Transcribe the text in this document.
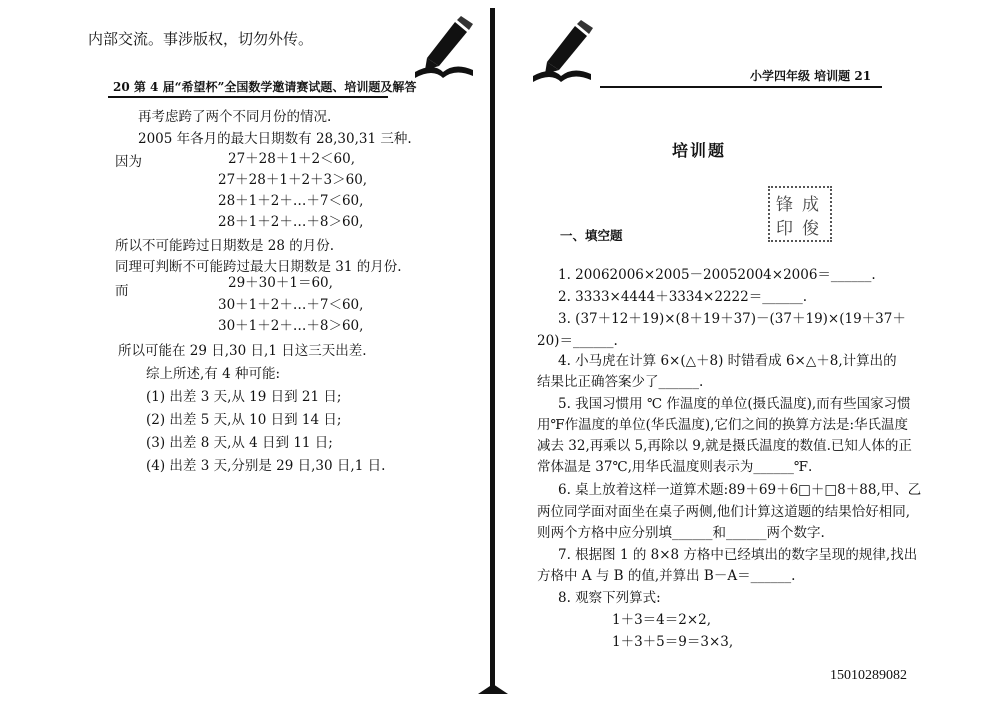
内部交流。事涉版权，切勿外传。
20 第 4 届“希望杯”全国数学邀请赛试题、培训题及解答
再考虑跨了两个不同月份的情况.
2005 年各月的最大日期数有 28,30,31 三种.
因为	27＋28＋1＋2＜60,
27＋28＋1＋2＋3＞60,
28＋1＋2＋…＋7＜60,
28＋1＋2＋…＋8＞60,
所以不可能跨过日期数是 28 的月份.
同理可判断不可能跨过最大日期数是 31 的月份.
而	29＋30＋1＝60,
30＋1＋2＋…＋7＜60,
30＋1＋2＋…＋8＞60,
所以可能在 29 日,30 日,1 日这三天出差.
综上所述,有 4 种可能:
(1) 出差 3 天,从 19 日到 21 日;
(2) 出差 5 天,从 10 日到 14 日;
(3) 出差 8 天,从 4 日到 11 日;
(4) 出差 3 天,分别是 29 日,30 日,1 日.
小学四年级 培训题 21
培训题
锋 成
印 俊
一、填空题
1. 20062006×2005－20052004×2006＝______.
2. 3333×4444＋3334×2222＝______.
3. (37＋12＋19)×(8＋19＋37)－(37＋19)×(19＋37＋
20)＝______.
4. 小马虎在计算 6×(△＋8) 时错看成 6×△＋8,计算出的
结果比正确答案少了______.
5. 我国习惯用 ℃ 作温度的单位(摄氏温度),而有些国家习惯
用℉作温度的单位(华氏温度),它们之间的换算方法是:华氏温度
减去 32,再乘以 5,再除以 9,就是摄氏温度的数值.已知人体的正
常体温是 37℃,用华氏温度则表示为______℉.
6. 桌上放着这样一道算术题:89＋69＋6□＋□8＋88,甲、乙
两位同学面对面坐在桌子两侧,他们计算这道题的结果恰好相同,
则两个方格中应分别填______和______两个数字.
7. 根据图 1 的 8×8 方格中已经填出的数字呈现的规律,找出
方格中 A 与 B 的值,并算出 B－A＝______.
8. 观察下列算式:
1＋3＝4＝2×2,
1＋3＋5＝9＝3×3,
15010289082
